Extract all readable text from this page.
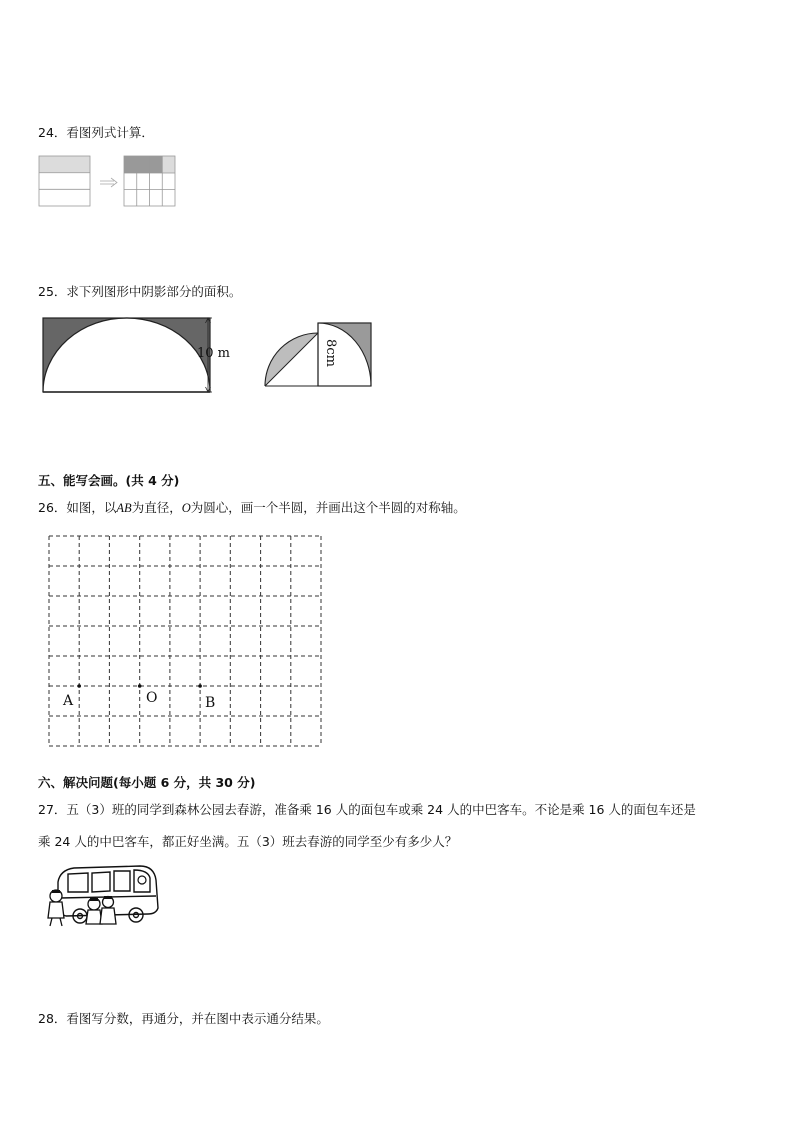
24．看图列式计算．
25．求下列图形中阴影部分的面积。
10 m	8cm
五、能写会画。(共 4 分)
26．如图，以AB为直径，O为圆心，画一个半圆，并画出这个半圆的对称轴。
A	O	B
六、解决问题(每小题 6 分，共 30 分)
27．五（3）班的同学到森林公园去春游，准备乘 16 人的面包车或乘 24 人的中巴客车。不论是乘 16 人的面包车还是
乘 24 人的中巴客车，都正好坐满。五（3）班去春游的同学至少有多少人？
28．看图写分数，再通分，并在图中表示通分结果。
